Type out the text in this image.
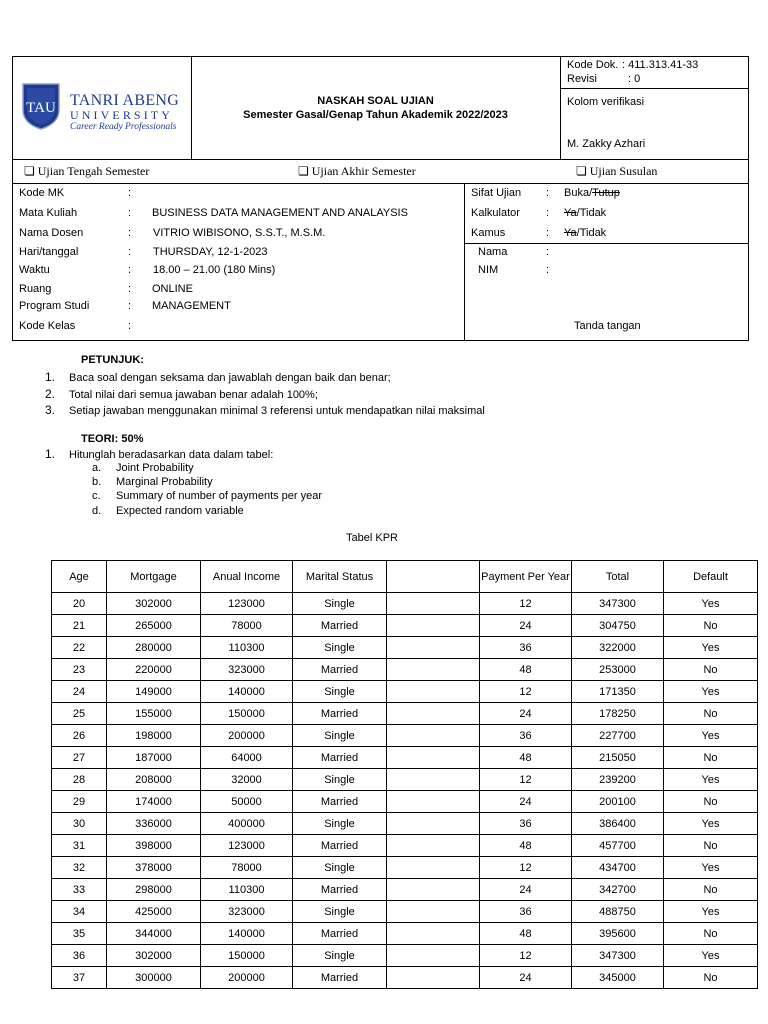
TAU TANRI ABENG
UNIVERSITY
Career Ready Professionals
NASKAH SOAL UJIAN
Semester Gasal/Genap Tahun Akademik 2022/2023
Kode Dok. : 411.313.41-33
Revisi	: 0
Kolom verifikasi
M. Zakky Azhari
❏ Ujian Tengah Semester	❏ Ujian Akhir Semester	❏ Ujian Susulan
Kode MK	:
Mata Kuliah	: BUSINESS DATA MANAGEMENT AND ANALAYSIS
Nama Dosen	: VITRIO WIBISONO, S.S.T., M.S.M.
Hari/tanggal	: THURSDAY, 12-1-2023
Waktu	: 18.00 – 21.00 (180 Mins)
Ruang	: ONLINE
Program Studi	: MANAGEMENT
Kode Kelas	:
Sifat Ujian : Buka/Tutup
Kalkulator : Ya/Tidak
Kamus	: Ya/Tidak
Nama	:
NIM	:
Tanda tangan
PETUNJUK:
1. Baca soal dengan seksama dan jawablah dengan baik dan benar;
2. Total nilai dari semua jawaban benar adalah 100%;
3. Setiap jawaban menggunakan minimal 3 referensi untuk mendapatkan nilai maksimal
TEORI: 50%
1. Hitunglah beradasarkan data dalam tabel:
a. Joint Probability
b. Marginal Probability
c. Summary of number of payments per year
d. Expected random variable
Tabel KPR
Age	Mortgage	Anual Income	Marital Status		Payment Per Year	Total	Default
20	302000	123000	Single		12	347300	Yes
21	265000	78000	Married		24	304750	No
22	280000	110300	Single		36	322000	Yes
23	220000	323000	Married		48	253000	No
24	149000	140000	Single		12	171350	Yes
25	155000	150000	Married		24	178250	No
26	198000	200000	Single		36	227700	Yes
27	187000	64000	Married		48	215050	No
28	208000	32000	Single		12	239200	Yes
29	174000	50000	Married		24	200100	No
30	336000	400000	Single		36	386400	Yes
31	398000	123000	Married		48	457700	No
32	378000	78000	Single		12	434700	Yes
33	298000	110300	Married		24	342700	No
34	425000	323000	Single		36	488750	Yes
35	344000	140000	Married		48	395600	No
36	302000	150000	Single		12	347300	Yes
37	300000	200000	Married		24	345000	No
